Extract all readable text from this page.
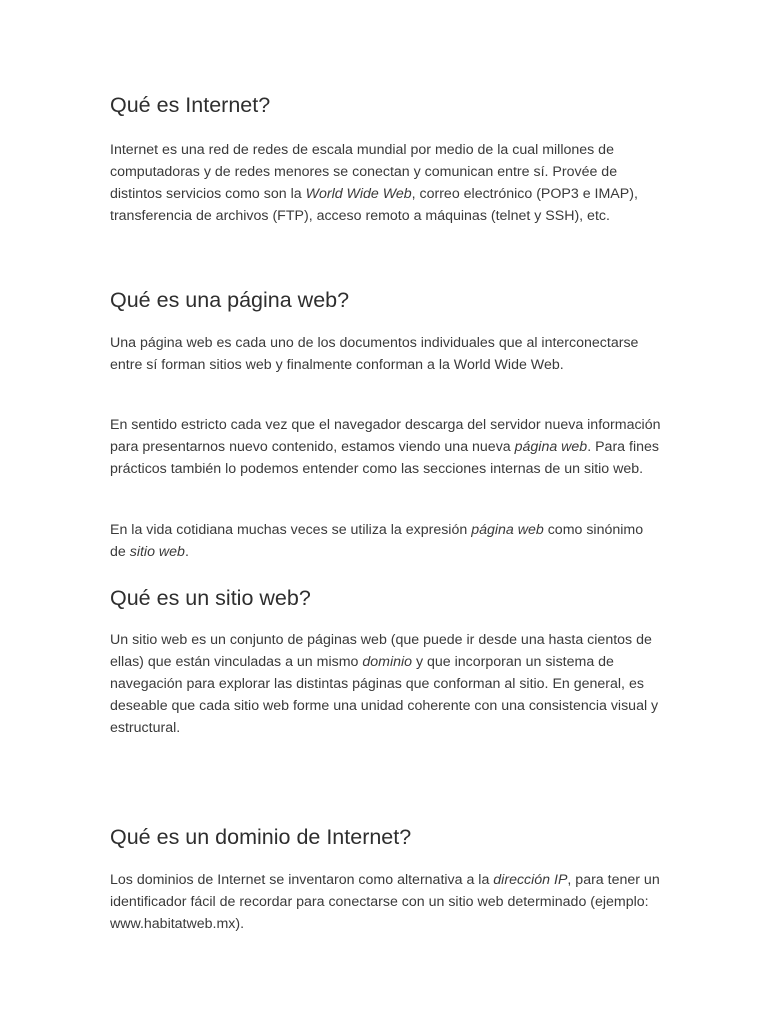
Qué es Internet?

Internet es una red de redes de escala mundial por medio de la cual millones de computadoras y de redes menores se conectan y comunican entre sí. Provée de distintos servicios como son la World Wide Web, correo electrónico (POP3 e IMAP), transferencia de archivos (FTP), acceso remoto a máquinas (telnet y SSH), etc.

Qué es una página web?

Una página web es cada uno de los documentos individuales que al interconectarse entre sí forman sitios web y finalmente conforman a la World Wide Web.

En sentido estricto cada vez que el navegador descarga del servidor nueva información para presentarnos nuevo contenido, estamos viendo una nueva página web. Para fines prácticos también lo podemos entender como las secciones internas de un sitio web.

En la vida cotidiana muchas veces se utiliza la expresión página web como sinónimo de sitio web.

Qué es un sitio web?

Un sitio web es un conjunto de páginas web (que puede ir desde una hasta cientos de ellas) que están vinculadas a un mismo dominio y que incorporan un sistema de navegación para explorar las distintas páginas que conforman al sitio. En general, es deseable que cada sitio web forme una unidad coherente con una consistencia visual y estructural.

Qué es un dominio de Internet?

Los dominios de Internet se inventaron como alternativa a la dirección IP, para tener un identificador fácil de recordar para conectarse con un sitio web determinado (ejemplo: www.habitatweb.mx).
